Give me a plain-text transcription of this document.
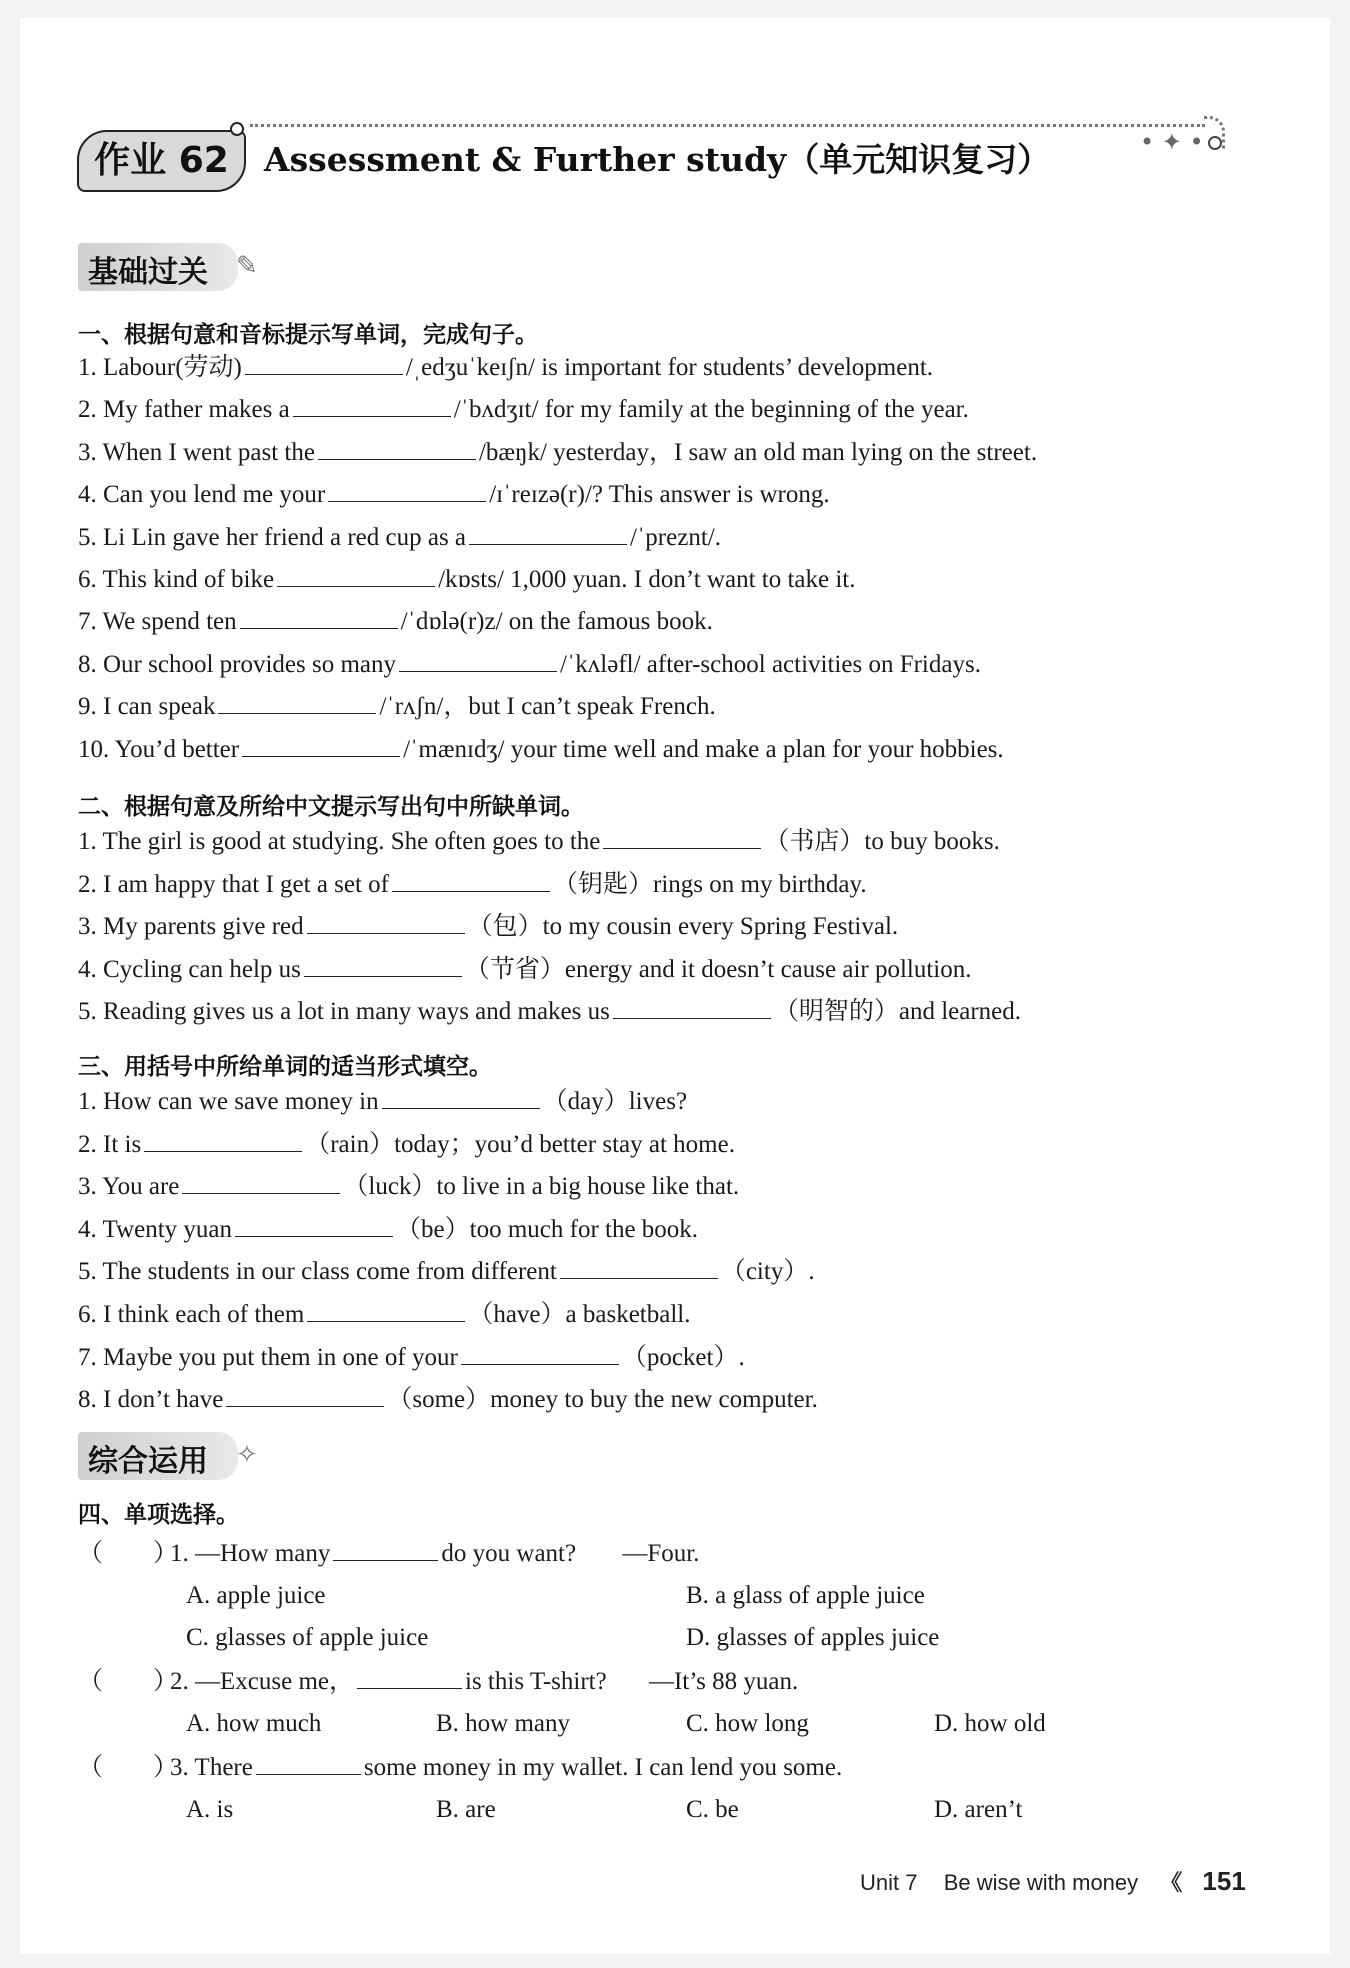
作业 62	• ✦ •
Assessment & Further study（单元知识复习）
基础过关 ✎
一、根据句意和音标提示写单词，完成句子。
1. Labour(劳动)	/ˌedʒuˈkeɪʃn/ is important for students’ development.
2. My father makes a	/ˈbʌdʒɪt/ for my family at the beginning of the year.
3. When I went past the	/bæŋk/ yesterday，I saw an old man lying on the street.
4. Can you lend me your	/ɪˈreɪzə(r)/? This answer is wrong.
5. Li Lin gave her friend a red cup as a	/ˈpreznt/.
6. This kind of bike	/kɒsts/ 1,000 yuan. I don’t want to take it.
7. We spend ten	/ˈdɒlə(r)z/ on the famous book.
8. Our school provides so many	/ˈkʌləfl/ after-school activities on Fridays.
9. I can speak	/ˈrʌʃn/，but I can’t speak French.
10. You’d better	/ˈmænɪdʒ/ your time well and make a plan for your hobbies.
二、根据句意及所给中文提示写出句中所缺单词。
1. The girl is good at studying. She often goes to the	（书店）to buy books.
2. I am happy that I get a set of	（钥匙）rings on my birthday.
3. My parents give red	（包）to my cousin every Spring Festival.
4. Cycling can help us	（节省）energy and it doesn’t cause air pollution.
5. Reading gives us a lot in many ways and makes us	（明智的）and learned.
三、用括号中所给单词的适当形式填空。
1. How can we save money in	（day）lives?
2. It is	（rain）today；you’d better stay at home.
3. You are	（luck）to live in a big house like that.
4. Twenty yuan	（be）too much for the book.
5. The students in our class come from different	（city）.
6. I think each of them	（have）a basketball.
7. Maybe you put them in one of your	（pocket）.
8. I don’t have	（some）money to buy the new computer.
综合运用 ✧
四、单项选择。
（　　）1. —How many	do you want? —Four.
A. apple juice	B. a glass of apple juice
C. glasses of apple juice	D. glasses of apples juice
（　　）2. —Excuse me，	is this T-shirt? —It’s 88 yuan.
A. how much	B. how many	C. how long	D. how old
（　　）3. There	some money in my wallet. I can lend you some.
A. is	B. are	C. be	D. aren’t
Unit 7 Be wise with money 《 151
